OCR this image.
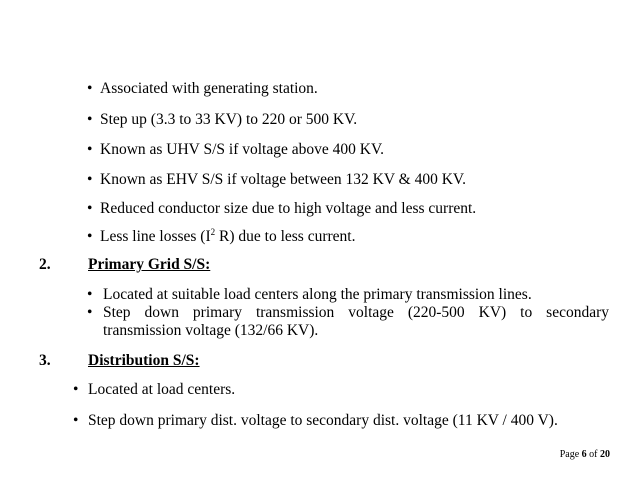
• Associated with generating station.
• Step up (3.3 to 33 KV) to 220 or 500 KV.
• Known as UHV S/S if voltage above 400 KV.
• Known as EHV S/S if voltage between 132 KV & 400 KV.
• Reduced conductor size due to high voltage and less current.
• Less line losses ($I^2$ R) due to less current.
2. Primary Grid S/S:
• Located at suitable load centers along the primary transmission lines.
• Step down primary transmission voltage (220-500 KV) to secondary
transmission voltage (132/66 KV).
3. Distribution S/S:
• Located at load centers.
• Step down primary dist. voltage to secondary dist. voltage (11 KV / 400 V).
Page 6 of 20
